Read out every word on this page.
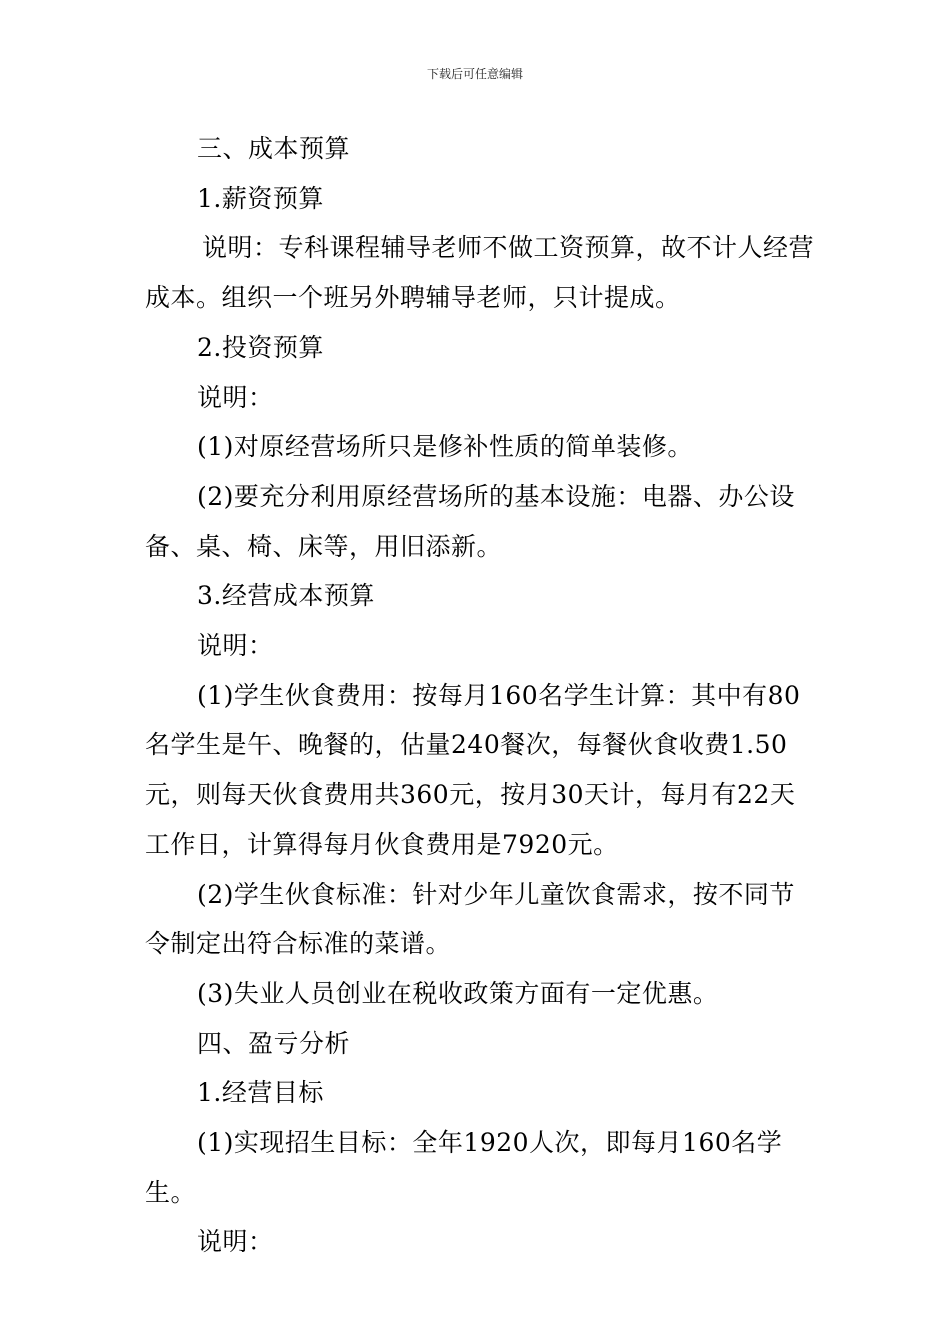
下载后可任意编辑

三、成本预算

1.薪资预算

说明：专科课程辅导老师不做工资预算，故不计人经营成本。组织一个班另外聘辅导老师，只计提成。

2.投资预算

说明：

(1)对原经营场所只是修补性质的简单装修。

(2)要充分利用原经营场所的基本设施：电器、办公设备、桌、椅、床等，用旧添新。

3.经营成本预算

说明：

(1)学生伙食费用：按每月160名学生计算：其中有80名学生是午、晚餐的，估量240餐次，每餐伙食收费1.50元，则每天伙食费用共360元，按月30天计，每月有22天工作日，计算得每月伙食费用是7920元。

(2)学生伙食标准：针对少年儿童饮食需求，按不同节令制定出符合标准的菜谱。

(3)失业人员创业在税收政策方面有一定优惠。

四、盈亏分析

1.经营目标

(1)实现招生目标：全年1920人次，即每月160名学生。

说明：
